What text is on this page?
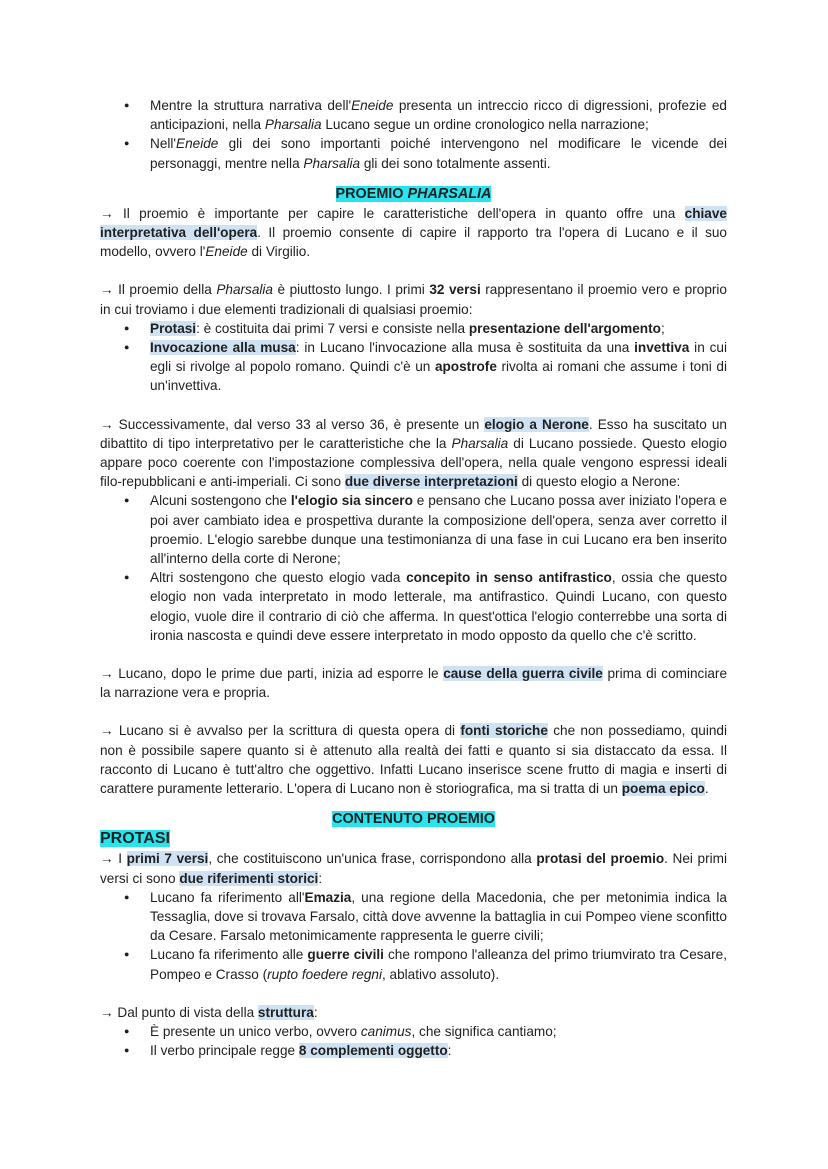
● Mentre la struttura narrativa dell'Eneide presenta un intreccio ricco di digressioni, profezie ed anticipazioni, nella Pharsalia Lucano segue un ordine cronologico nella narrazione;
● Nell'Eneide gli dei sono importanti poiché intervengono nel modificare le vicende dei personaggi, mentre nella Pharsalia gli dei sono totalmente assenti.
PROEMIO PHARSALIA

→ Il proemio è importante per capire le caratteristiche dell'opera in quanto offre una chiave interpretativa dell'opera. Il proemio consente di capire il rapporto tra l'opera di Lucano e il suo modello, ovvero l'Eneide di Virgilio.

→ Il proemio della Pharsalia è piuttosto lungo. I primi 32 versi rappresentano il proemio vero e proprio in cui troviamo i due elementi tradizionali di qualsiasi proemio:

● Protasi: è costituita dai primi 7 versi e consiste nella presentazione dell'argomento;
● Invocazione alla musa: in Lucano l'invocazione alla musa è sostituita da una invettiva in cui egli si rivolge al popolo romano. Quindi c'è un apostrofe rivolta ai romani che assume i toni di un'invettiva.

→ Successivamente, dal verso 33 al verso 36, è presente un elogio a Nerone. Esso ha suscitato un dibattito di tipo interpretativo per le caratteristiche che la Pharsalia di Lucano possiede. Questo elogio appare poco coerente con l'impostazione complessiva dell'opera, nella quale vengono espressi ideali filo-repubblicani e anti-imperiali. Ci sono due diverse interpretazioni di questo elogio a Nerone:

● Alcuni sostengono che l'elogio sia sincero e pensano che Lucano possa aver iniziato l'opera e poi aver cambiato idea e prospettiva durante la composizione dell'opera, senza aver corretto il proemio. L'elogio sarebbe dunque una testimonianza di una fase in cui Lucano era ben inserito all'interno della corte di Nerone;
● Altri sostengono che questo elogio vada concepito in senso antifrastico, ossia che questo elogio non vada interpretato in modo letterale, ma antifrastico. Quindi Lucano, con questo elogio, vuole dire il contrario di ciò che afferma. In quest'ottica l'elogio conterrebbe una sorta di ironia nascosta e quindi deve essere interpretato in modo opposto da quello che c'è scritto.

→ Lucano, dopo le prime due parti, inizia ad esporre le cause della guerra civile prima di cominciare la narrazione vera e propria.

→ Lucano si è avvalso per la scrittura di questa opera di fonti storiche che non possediamo, quindi non è possibile sapere quanto si è attenuto alla realtà dei fatti e quanto si sia distaccato da essa. Il racconto di Lucano è tutt'altro che oggettivo. Infatti Lucano inserisce scene frutto di magia e inserti di carattere puramente letterario. L'opera di Lucano non è storiografica, ma si tratta di un poema epico.

CONTENUTO PROEMIO
PROTASI

→ I primi 7 versi, che costituiscono un'unica frase, corrispondono alla protasi del proemio. Nei primi versi ci sono due riferimenti storici:

● Lucano fa riferimento all'Emazia, una regione della Macedonia, che per metonimia indica la Tessaglia, dove si trovava Farsalo, città dove avvenne la battaglia in cui Pompeo viene sconfitto da Cesare. Farsalo metonimicamente rappresenta le guerre civili;
● Lucano fa riferimento alle guerre civili che rompono l'alleanza del primo triumvirato tra Cesare, Pompeo e Crasso (rupto foedere regni, ablativo assoluto).

→ Dal punto di vista della struttura:

● È presente un unico verbo, ovvero canimus, che significa cantiamo;
● Il verbo principale regge 8 complementi oggetto:
